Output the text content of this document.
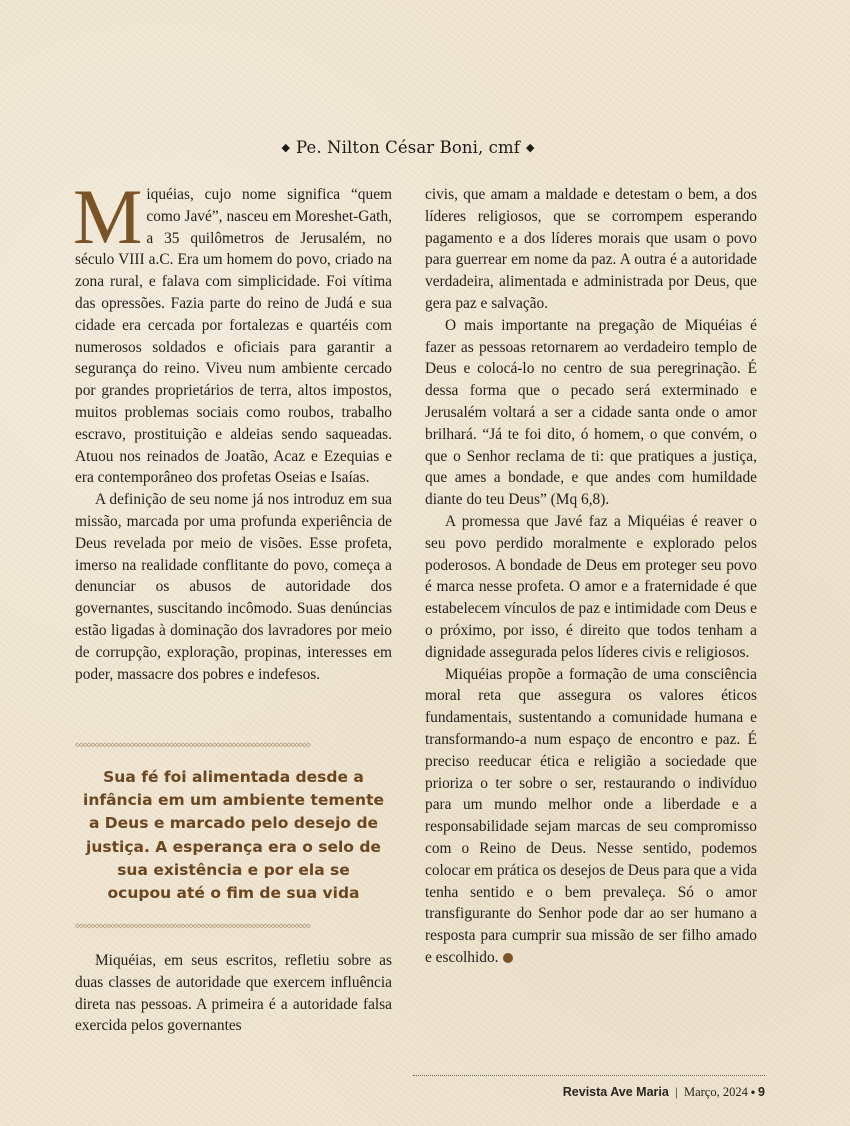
◆ Pe. Nilton César Boni, cmf ◆

Miquéias, cujo nome significa “quem como Javé”, nasceu em Moreshet-Gath, a 35 quilômetros de Jerusalém, no século VIII a.C. Era um homem do povo, criado na zona rural, e falava com simplicidade. Foi vítima das opressões. Fazia parte do reino de Judá e sua cidade era cercada por fortalezas e quartéis com numerosos soldados e oficiais para garantir a segurança do reino. Viveu num ambiente cercado por grandes proprietários de terra, altos impostos, muitos problemas sociais como roubos, trabalho escravo, prostituição e aldeias sendo saqueadas. Atuou nos reinados de Joatão, Acaz e Ezequias e era contemporâneo dos profetas Oseias e Isaías.

A definição de seu nome já nos introduz em sua missão, marcada por uma profunda experiência de Deus revelada por meio de visões. Esse profeta, imerso na realidade conflitante do povo, começa a denunciar os abusos de autoridade dos governantes, suscitando incômodo. Suas denúncias estão ligadas à dominação dos lavradores por meio de corrupção, exploração, propinas, interesses em poder, massacre dos pobres e indefesos.

◇◇◇◇◇◇◇◇◇◇◇◇◇◇◇◇◇◇◇◇◇◇◇◇◇◇◇◇◇◇◇◇◇◇◇◇◇◇◇◇◇◇◇◇◇◇◇◇◇◇◇◇◇◇◇◇◇◇◇◇
Sua fé foi alimentada desde a infância em um ambiente temente a Deus e marcado pelo desejo de justiça. A esperança era o selo de sua existência e por ela se ocupou até o fim de sua vida
◇◇◇◇◇◇◇◇◇◇◇◇◇◇◇◇◇◇◇◇◇◇◇◇◇◇◇◇◇◇◇◇◇◇◇◇◇◇◇◇◇◇◇◇◇◇◇◇◇◇◇◇◇◇◇◇◇◇◇◇

Miquéias, em seus escritos, refletiu sobre as duas classes de autoridade que exercem influência direta nas pessoas. A primeira é a autoridade falsa exercida pelos governantes

civis, que amam a maldade e detestam o bem, a dos líderes religiosos, que se corrompem esperando pagamento e a dos líderes morais que usam o povo para guerrear em nome da paz. A outra é a autoridade verdadeira, alimentada e administrada por Deus, que gera paz e salvação.

O mais importante na pregação de Miquéias é fazer as pessoas retornarem ao verdadeiro templo de Deus e colocá-lo no centro de sua peregrinação. É dessa forma que o pecado será exterminado e Jerusalém voltará a ser a cidade santa onde o amor brilhará. “Já te foi dito, ó homem, o que convém, o que o Senhor reclama de ti: que pratiques a justiça, que ames a bondade, e que andes com humildade diante do teu Deus” (Mq 6,8).

A promessa que Javé faz a Miquéias é reaver o seu povo perdido moralmente e explorado pelos poderosos. A bondade de Deus em proteger seu povo é marca nesse profeta. O amor e a fraternidade é que estabelecem vínculos de paz e intimidade com Deus e o próximo, por isso, é direito que todos tenham a dignidade assegurada pelos líderes civis e religiosos.

Miquéias propõe a formação de uma consciência moral reta que assegura os valores éticos fundamentais, sustentando a comunidade humana e transformando-a num espaço de encontro e paz. É preciso reeducar ética e religião a sociedade que prioriza o ter sobre o ser, restaurando o indivíduo para um mundo melhor onde a liberdade e a responsabilidade sejam marcas de seu compromisso com o Reino de Deus. Nesse sentido, podemos colocar em prática os desejos de Deus para que a vida tenha sentido e o bem prevaleça. Só o amor transfigurante do Senhor pode dar ao ser humano a resposta para cumprir sua missão de ser filho amado e escolhido.

Revista Ave Maria | Março, 2024 • 9
